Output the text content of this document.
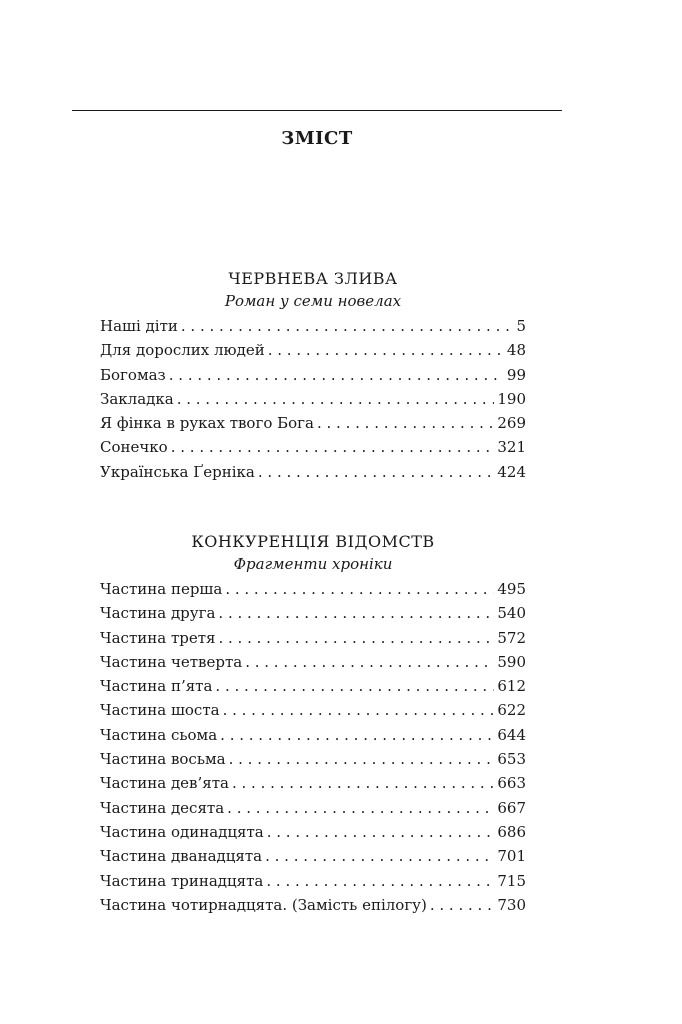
ЗМІСТ
ЧЕРВНЕВА ЗЛИВА
Роман у семи новелах
Наші діти . . .	5
Для дорослих людей . . .	48
Богомаз . . .	99
Закладка . . .	190
Я фінка в руках твого Бога . . .	269
Сонечко . . .	321
Українська Ґерніка . . .	424
КОНКУРЕНЦІЯ ВІДОМСТВ
Фрагменти хроніки
Частина перша . . .	495
Частина друга . . .	540
Частина третя . . .	572
Частина четверта . . .	590
Частина п’ята . . .	612
Частина шоста . . .	622
Частина сьома . . .	644
Частина восьма . . .	653
Частина дев’ята . . .	663
Частина десята . . .	667
Частина одинадцята . . .	686
Частина дванадцята . . .	701
Частина тринадцята . . .	715
Частина чотирнадцята. (Замість епілогу) . . .	730
